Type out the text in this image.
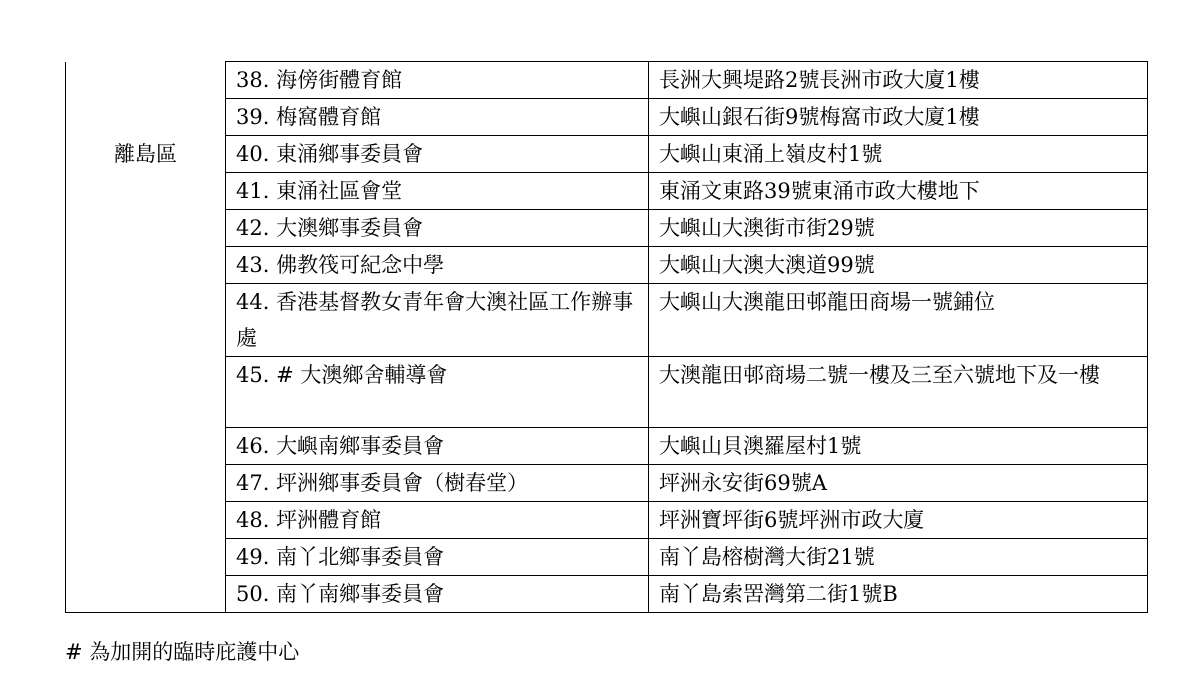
離島區	38. 海傍街體育館	長洲大興堤路2號長洲市政大廈1樓
	39. 梅窩體育館	大嶼山銀石街9號梅窩市政大廈1樓
	40. 東涌鄉事委員會	大嶼山東涌上嶺皮村1號
	41. 東涌社區會堂	東涌文東路39號東涌市政大樓地下
	42. 大澳鄉事委員會	大嶼山大澳街市街29號
	43. 佛教筏可紀念中學	大嶼山大澳大澳道99號
	44. 香港基督教女青年會大澳社區工作辦事處	大嶼山大澳龍田邨龍田商場一號鋪位
	45. # 大澳鄉舍輔導會	大澳龍田邨商場二號一樓及三至六號地下及一樓
	46. 大嶼南鄉事委員會	大嶼山貝澳羅屋村1號
	47. 坪洲鄉事委員會（樹春堂）	坪洲永安街69號A
	48. 坪洲體育館	坪洲寶坪街6號坪洲市政大廈
	49. 南丫北鄉事委員會	南丫島榕樹灣大街21號
	50. 南丫南鄉事委員會	南丫島索罟灣第二街1號B
# 為加開的臨時庇護中心
